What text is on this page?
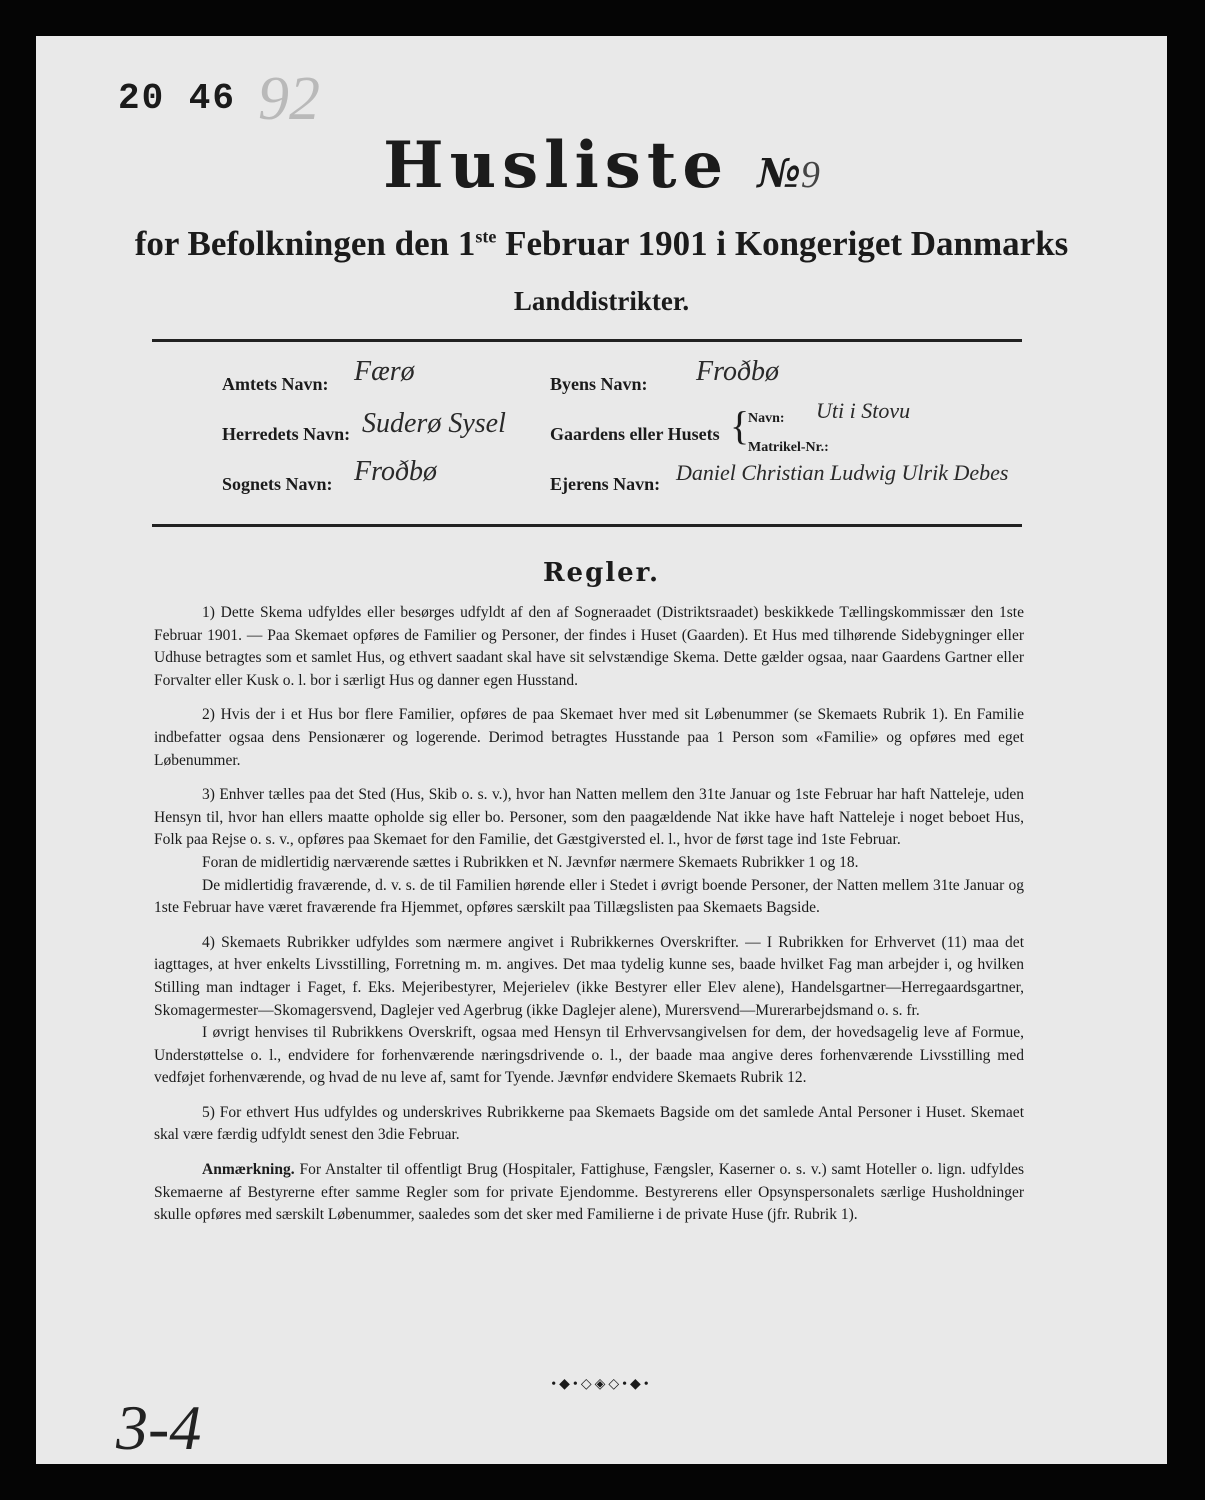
20 46 92
Husliste №9
for Befolkningen den 1ste Februar 1901 i Kongeriget Danmarks
Landdistrikter.
Amtets Navn: Færø
Herredets Navn: Suderø Sysel
Sognets Navn: Froðbø
Byens Navn: Froðbø
Gaardens eller Husets {
Navn: Uti i Stovu
Matrikel-Nr.:
Ejerens Navn: Daniel Christian Ludwig Ulrik Debes
Regler.

1) Dette Skema udfyldes eller besørges udfyldt af den af Sogneraadet (Distriktsraadet) beskikkede Tællingskommissær den 1ste Februar 1901. — Paa Skemaet opføres de Familier og Personer, der findes i Huset (Gaarden). Et Hus med tilhørende Sidebygninger eller Udhuse betragtes som et samlet Hus, og ethvert saadant skal have sit selvstændige Skema. Dette gælder ogsaa, naar Gaardens Gartner eller Forvalter eller Kusk o. l. bor i særligt Hus og danner egen Husstand.

2) Hvis der i et Hus bor flere Familier, opføres de paa Skemaet hver med sit Løbenummer (se Skemaets Rubrik 1). En Familie indbefatter ogsaa dens Pensionærer og logerende. Derimod betragtes Husstande paa 1 Person som «Familie» og opføres med eget Løbenummer.

3) Enhver tælles paa det Sted (Hus, Skib o. s. v.), hvor han Natten mellem den 31te Januar og 1ste Februar har haft Natteleje, uden Hensyn til, hvor han ellers maatte opholde sig eller bo. Personer, som den paagældende Nat ikke have haft Natteleje i noget beboet Hus, Folk paa Rejse o. s. v., opføres paa Skemaet for den Familie, det Gæstgiversted el. l., hvor de først tage ind 1ste Februar.

Foran de midlertidig nærværende sættes i Rubrikken et N. Jævnfør nærmere Skemaets Rubrikker 1 og 18.

De midlertidig fraværende, d. v. s. de til Familien hørende eller i Stedet i øvrigt boende Personer, der Natten mellem 31te Januar og 1ste Februar have været fraværende fra Hjemmet, opføres særskilt paa Tillægslisten paa Skemaets Bagside.

4) Skemaets Rubrikker udfyldes som nærmere angivet i Rubrikkernes Overskrifter. — I Rubrikken for Erhvervet (11) maa det iagttages, at hver enkelts Livsstilling, Forretning m. m. angives. Det maa tydelig kunne ses, baade hvilket Fag man arbejder i, og hvilken Stilling man indtager i Faget, f. Eks. Mejeribestyrer, Mejerielev (ikke Bestyrer eller Elev alene), Handelsgartner—Herregaardsgartner, Skomagermester—Skomagersvend, Daglejer ved Agerbrug (ikke Daglejer alene), Murersvend—Murerarbejdsmand o. s. fr.

I øvrigt henvises til Rubrikkens Overskrift, ogsaa med Hensyn til Erhvervsangivelsen for dem, der hovedsagelig leve af Formue, Understøttelse o. l., endvidere for forhenværende næringsdrivende o. l., der baade maa angive deres forhenværende Livsstilling med vedføjet forhenværende, og hvad de nu leve af, samt for Tyende. Jævnfør endvidere Skemaets Rubrik 12.

5) For ethvert Hus udfyldes og underskrives Rubrikkerne paa Skemaets Bagside om det samlede Antal Personer i Huset. Skemaet skal være færdig udfyldt senest den 3die Februar.

Anmærkning. For Anstalter til offentligt Brug (Hospitaler, Fattighuse, Fængsler, Kaserner o. s. v.) samt Hoteller o. lign. udfyldes Skemaerne af Bestyrerne efter samme Regler som for private Ejendomme. Bestyrerens eller Opsynspersonalets særlige Husholdninger skulle opføres med særskilt Løbenummer, saaledes som det sker med Familierne i de private Huse (jfr. Rubrik 1).

•◆•◇◈◇•◆•
3-4
